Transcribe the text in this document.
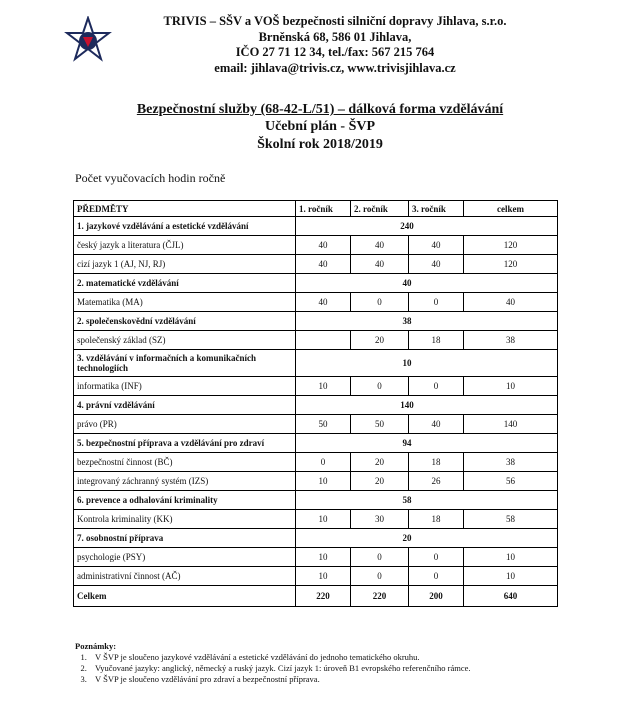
TRIVIS – SŠV a VOŠ bezpečnosti silniční dopravy Jihlava, s.r.o.
Brněnská 68, 586 01 Jihlava,
IČO 27 71 12 34, tel./fax: 567 215 764
email: jihlava@trivis.cz, www.trivisjihlava.cz
Bezpečnostní služby (68-42-L/51) – dálková forma vzdělávání
Učební plán - ŠVP
Školní rok 2018/2019
Počet vyučovacích hodin ročně
PŘEDMĚTY	1. ročník	2. ročník	3. ročník	celkem
1. jazykové vzdělávání a estetické vzdělávání		240		
český jazyk a literatura (ČJL)	40	40	40	120
cizí jazyk 1 (AJ, NJ, RJ)	40	40	40	120
2. matematické vzdělávání		40		
Matematika (MA)	40	0	0	40
2. společenskovědní vzdělávání		38		
společenský základ (SZ)		20	18	38
3. vzdělávání v informačních a komunikačních technologiích		10		
informatika (INF)	10	0	0	10
4. právní vzdělávání		140		
právo (PR)	50	50	40	140
5. bezpečnostní příprava a vzdělávání pro zdraví		94		
bezpečnostní činnost (BČ)	0	20	18	38
integrovaný záchranný systém (IZS)	10	20	26	56
6. prevence a odhalování kriminality		58		
Kontrola kriminality (KK)	10	30	18	58
7. osobnostní příprava		20		
psychologie (PSY)	10	0	0	10
administrativní činnost (AČ)	10	0	0	10
Celkem	220	220	200	640
Poznámky:
1. V ŠVP je sloučeno jazykové vzdělávání a estetické vzdělávání do jednoho tematického okruhu.
2. Vyučované jazyky: anglický, německý a ruský jazyk. Cizí jazyk 1: úroveň B1 evropského referenčního rámce.
3. V ŠVP je sloučeno vzdělávání pro zdraví a bezpečnostní příprava.
